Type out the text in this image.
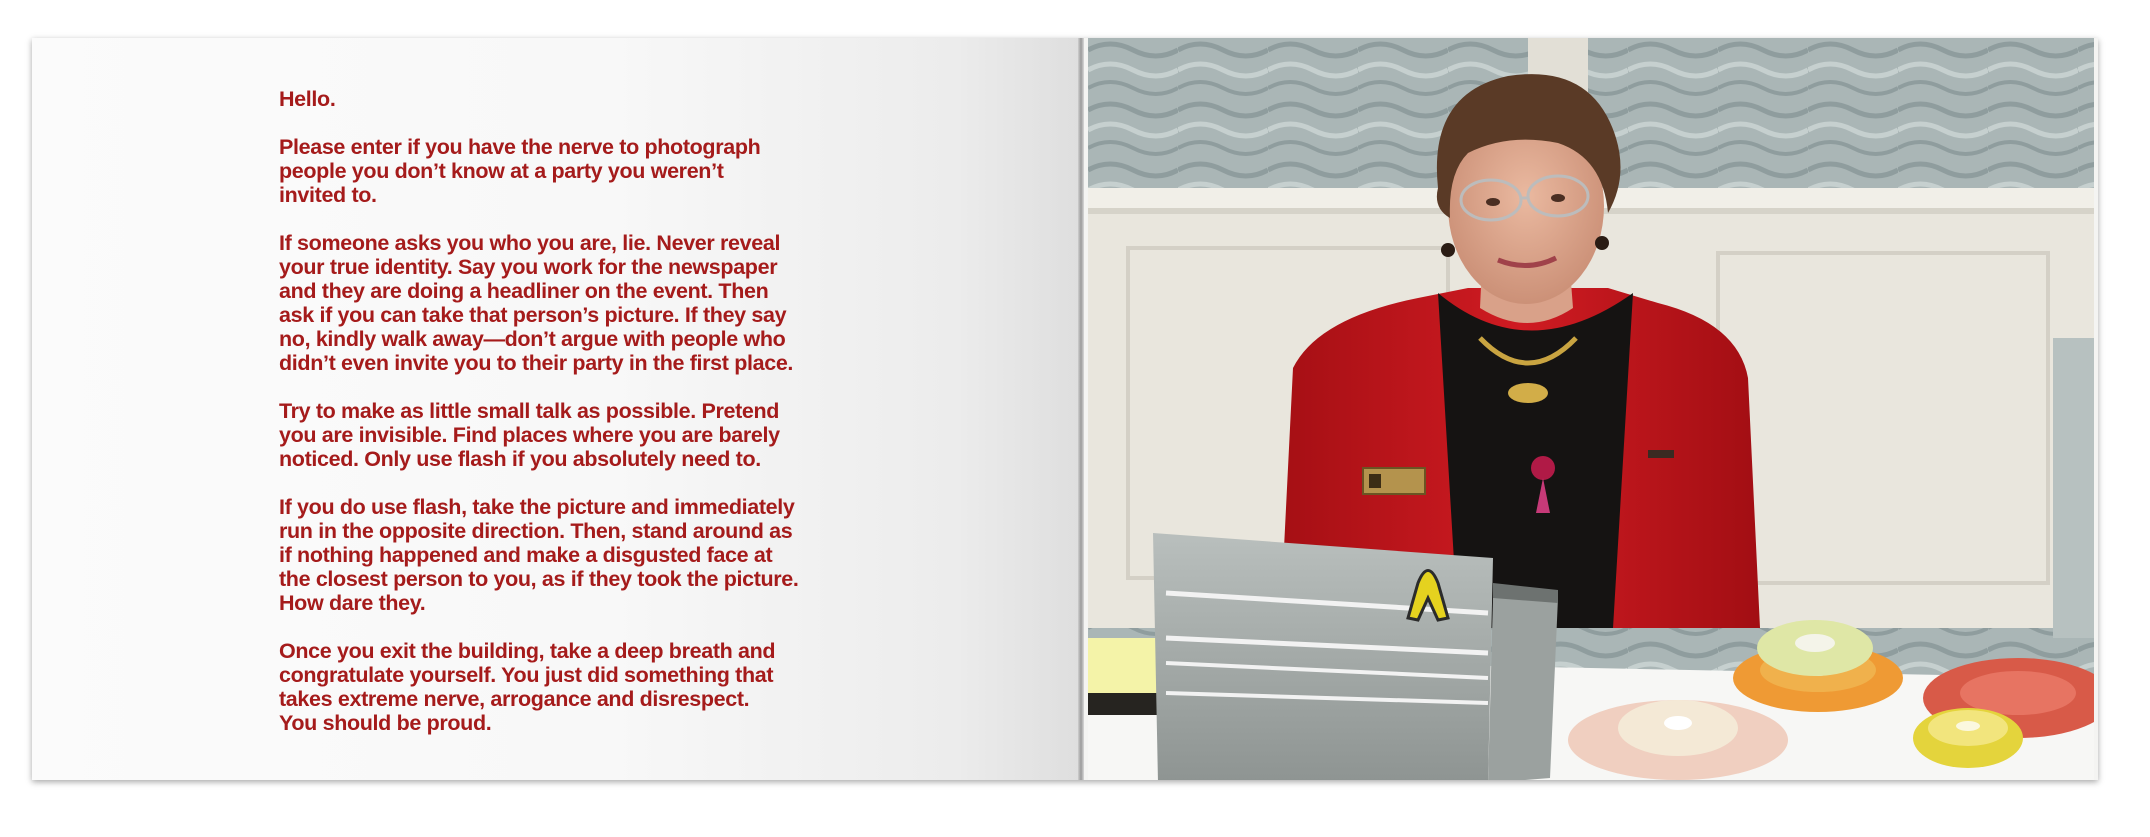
Hello.

Please enter if you have the nerve to photograph
people you don’t know at a party you weren’t
invited to.

If someone asks you who you are, lie. Never reveal
your true identity. Say you work for the newspaper
and they are doing a headliner on the event. Then
ask if you can take that person’s picture. If they say
no, kindly walk away—don’t argue with people who
didn’t even invite you to their party in the first place.

Try to make as little small talk as possible. Pretend
you are invisible. Find places where you are barely
noticed. Only use flash if you absolutely need to.

If you do use flash, take the picture and immediately
run in the opposite direction. Then, stand around as
if nothing happened and make a disgusted face at
the closest person to you, as if they took the picture.
How dare they.

Once you exit the building, take a deep breath and
congratulate yourself. You just did something that
takes extreme nerve, arrogance and disrespect.
You should be proud.
